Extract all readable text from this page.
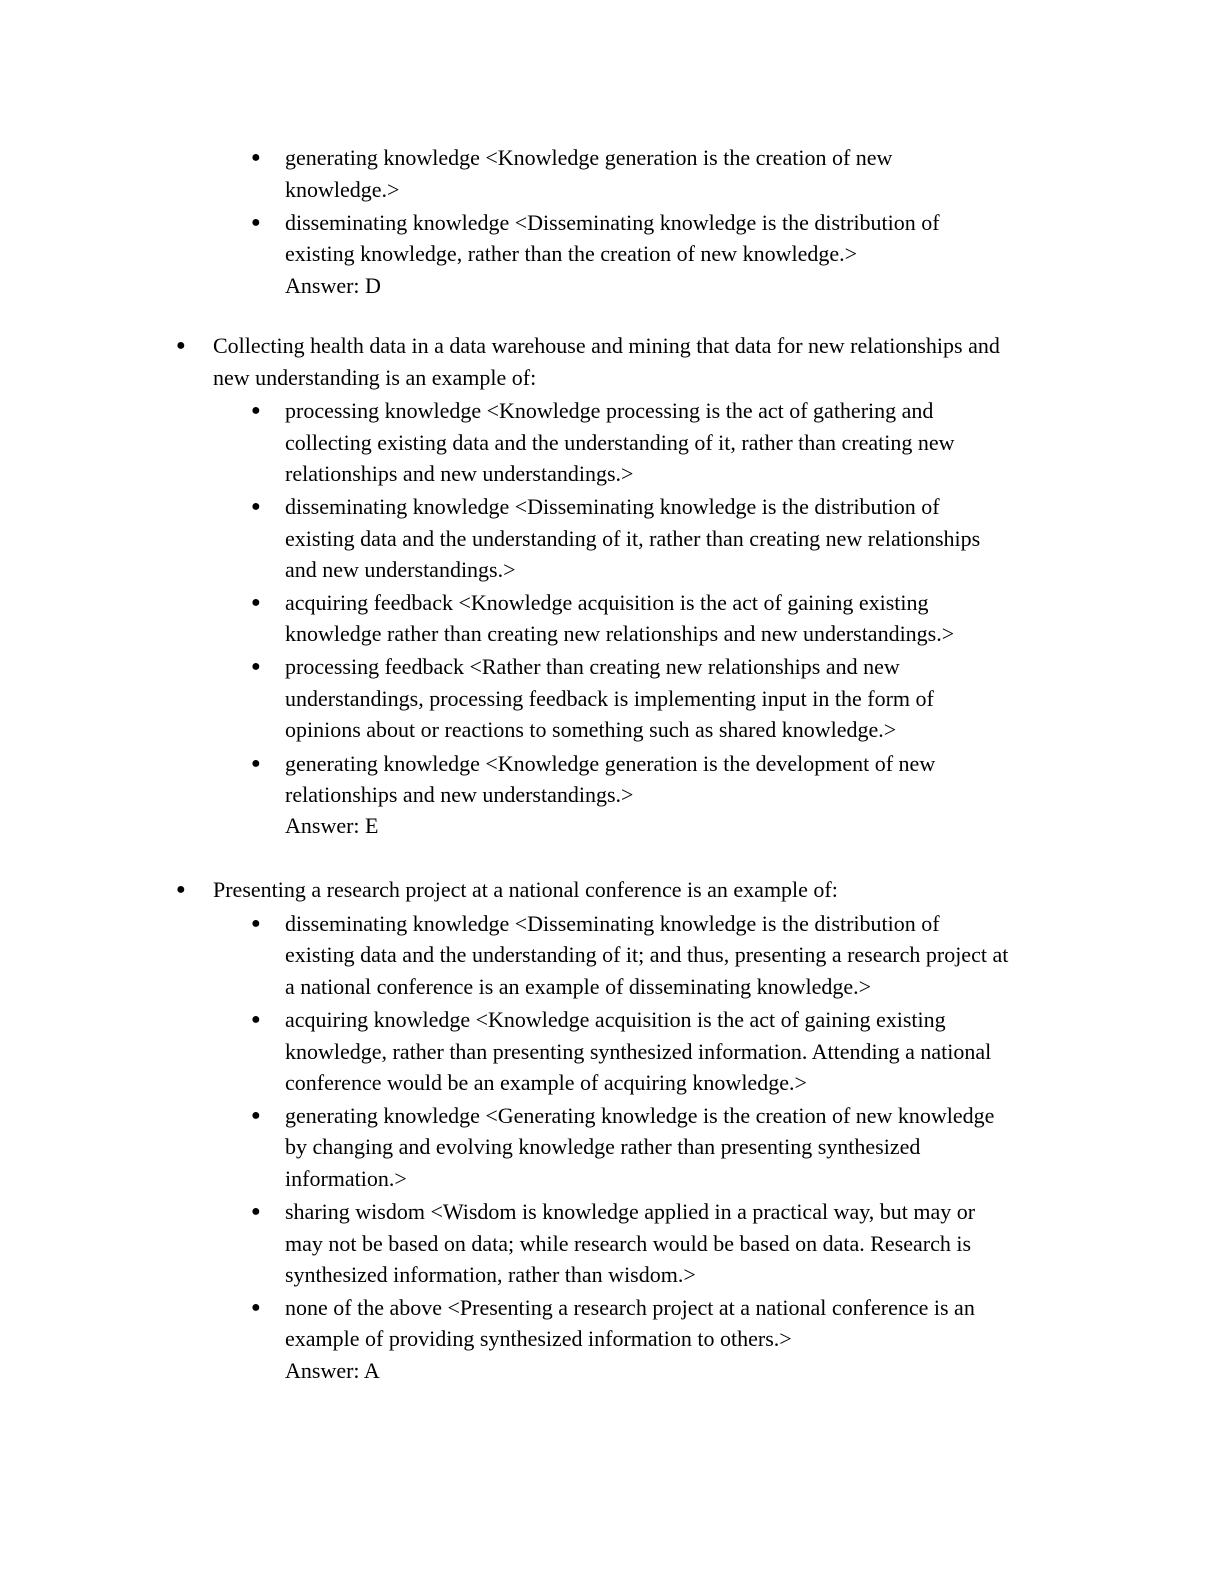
● generating knowledge <Knowledge generation is the creation of new
knowledge.>
● disseminating knowledge <Disseminating knowledge is the distribution of
existing knowledge, rather than the creation of new knowledge.>
Answer: D
● Collecting health data in a data warehouse and mining that data for new relationships and
new understanding is an example of:
● processing knowledge <Knowledge processing is the act of gathering and
collecting existing data and the understanding of it, rather than creating new
relationships and new understandings.>
● disseminating knowledge <Disseminating knowledge is the distribution of
existing data and the understanding of it, rather than creating new relationships
and new understandings.>
● acquiring feedback <Knowledge acquisition is the act of gaining existing
knowledge rather than creating new relationships and new understandings.>
● processing feedback <Rather than creating new relationships and new
understandings, processing feedback is implementing input in the form of
opinions about or reactions to something such as shared knowledge.>
● generating knowledge <Knowledge generation is the development of new
relationships and new understandings.>
Answer: E
● Presenting a research project at a national conference is an example of:
● disseminating knowledge <Disseminating knowledge is the distribution of
existing data and the understanding of it; and thus, presenting a research project at
a national conference is an example of disseminating knowledge.>
● acquiring knowledge <Knowledge acquisition is the act of gaining existing
knowledge, rather than presenting synthesized information. Attending a national
conference would be an example of acquiring knowledge.>
● generating knowledge <Generating knowledge is the creation of new knowledge
by changing and evolving knowledge rather than presenting synthesized
information.>
● sharing wisdom <Wisdom is knowledge applied in a practical way, but may or
may not be based on data; while research would be based on data. Research is
synthesized information, rather than wisdom.>
● none of the above <Presenting a research project at a national conference is an
example of providing synthesized information to others.>
Answer: A
